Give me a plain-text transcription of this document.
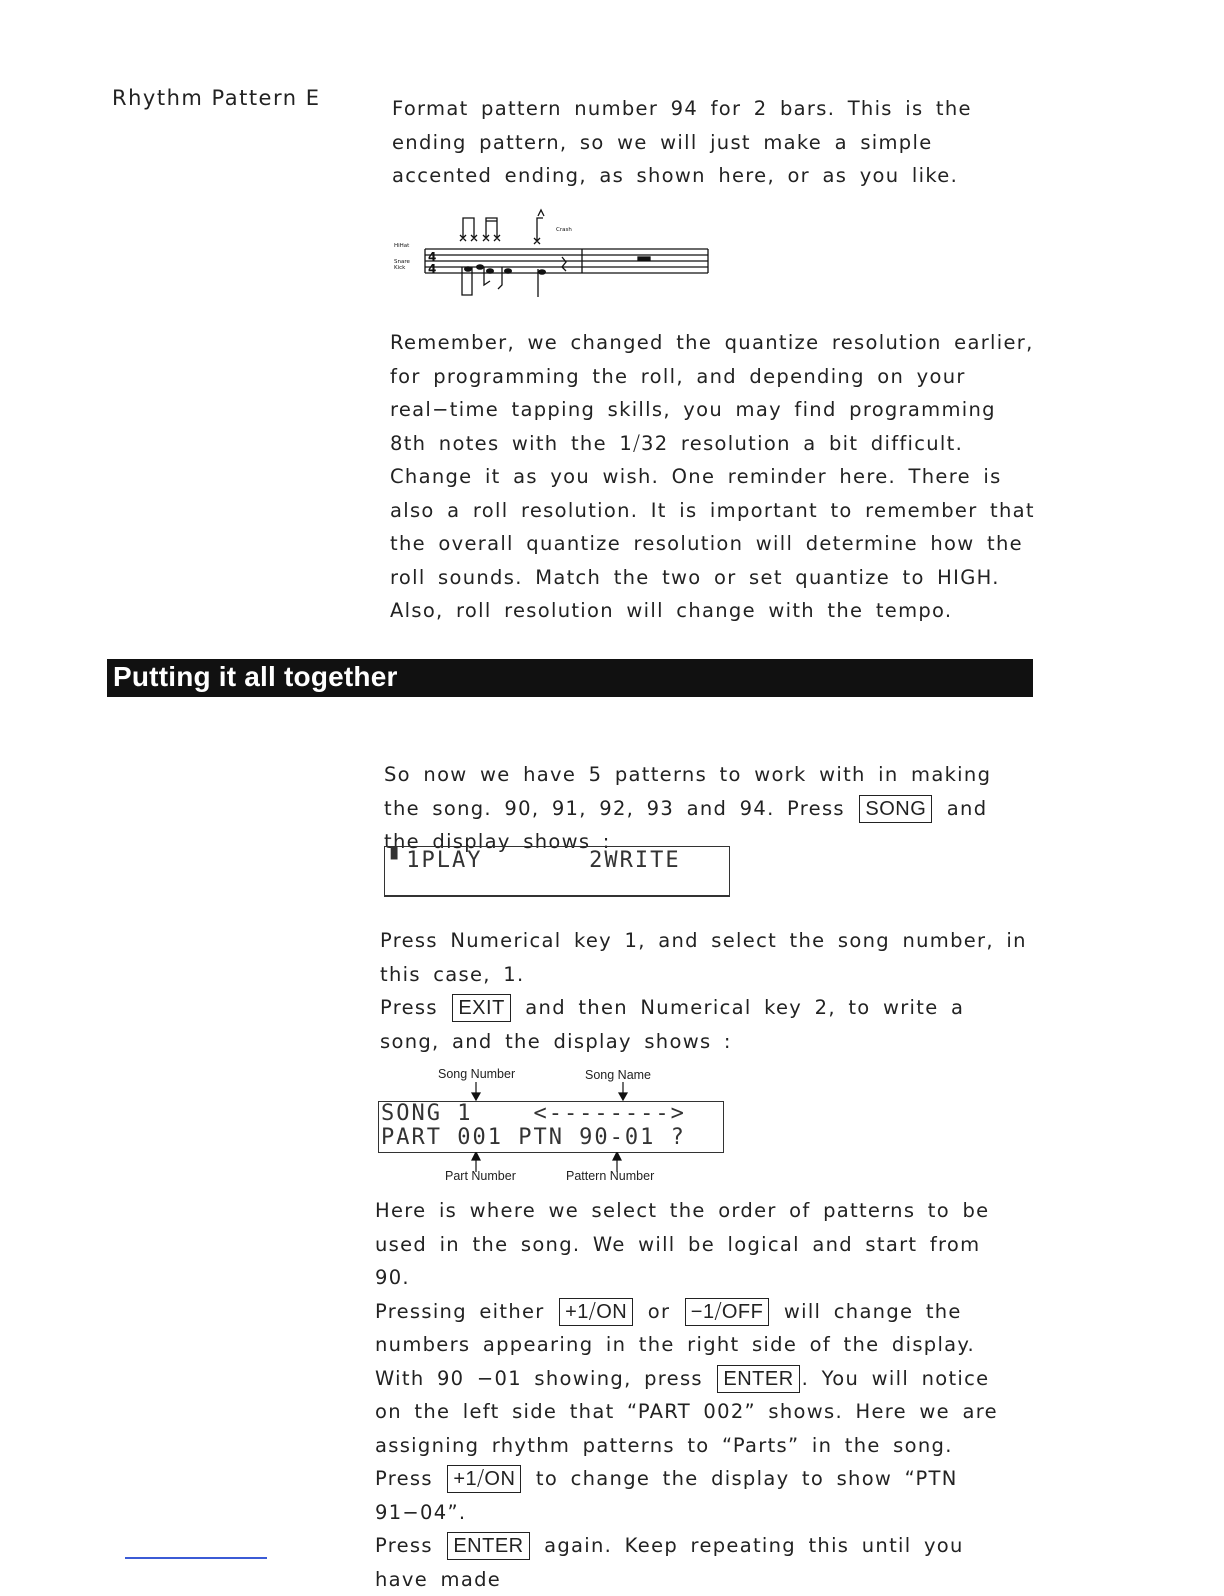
Rhythm Pattern E	Format pattern number 94 for 2 bars. This is the ending pattern, so we will just make a simple accented ending, as shown here, or as you like.

4
4
HiHat
Snare
Kick
Crash

Remember, we changed the quantize resolution earlier, for programming the roll, and depending on your real−time tapping skills, you may find programming 8th notes with the 1⧸32 resolution a bit difficult. Change it as you wish. One reminder here. There is also a roll resolution. It is important to remember that the overall quantize resolution will determine how the roll sounds. Match the two or set quantize to HIGH. Also, roll resolution will change with the tempo.

Putting it all together

So now we have 5 patterns to work with in making the song. 90, 91, 92, 93 and 94. Press SONG and the display shows :

▘1PLAY       2WRITE

Press Numerical key 1, and select the song number, in this case, 1.

Press EXIT and then Numerical key 2, to write a song, and the display shows :

Song Number	Song Name
SONG 1    <-------->
PART 001 PTN 90-01 ?
Part Number	Pattern Number

Here is where we select the order of patterns to be used in the song. We will be logical and start from 90.

Pressing either +1⧸ON or −1⧸OFF will change the numbers appearing in the right side of the display. With 90 −01 showing, press ENTER . You will notice on the left side that “PART 002” shows. Here we are assigning rhythm patterns to “Parts” in the song.

Press +1⧸ON to change the display to show “PTN 91−04”.

Press ENTER again. Keep repeating this until you have made
